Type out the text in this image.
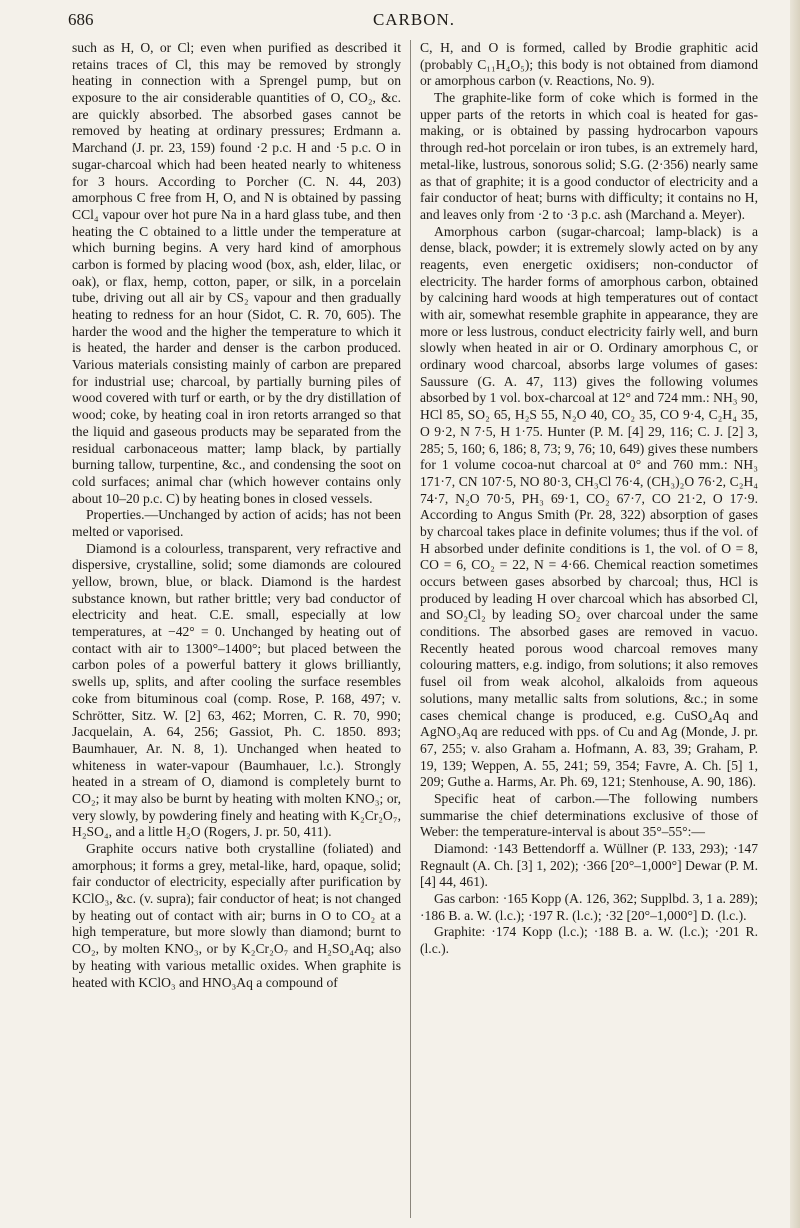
686	CARBON.

such as H, O, or Cl; even when purified as described it retains traces of Cl, this may be removed by strongly heating in connection with a Sprengel pump, but on exposure to the air considerable quantities of O, CO₂, &c. are quickly absorbed. The absorbed gases cannot be removed by heating at ordinary pressures; Erdmann a. Marchand (J. pr. 23, 159) found ·2 p.c. H and ·5 p.c. O in sugar-charcoal which had been heated nearly to whiteness for 3 hours. According to Porcher (C. N. 44, 203) amorphous C free from H, O, and N is obtained by passing CCl₄ vapour over hot pure Na in a hard glass tube, and then heating the C obtained to a little under the temperature at which burning begins. A very hard kind of amorphous carbon is formed by placing wood (box, ash, elder, lilac, or oak), or flax, hemp, cotton, paper, or silk, in a porcelain tube, driving out all air by CS₂ vapour and then gradually heating to redness for an hour (Sidot, C. R. 70, 605). The harder the wood and the higher the temperature to which it is heated, the harder and denser is the carbon produced. Various materials consisting mainly of carbon are prepared for industrial use; charcoal, by partially burning piles of wood covered with turf or earth, or by the dry distillation of wood; coke, by heating coal in iron retorts arranged so that the liquid and gaseous products may be separated from the residual carbonaceous matter; lamp black, by partially burning tallow, turpentine, &c., and condensing the soot on cold surfaces; animal char (which however contains only about 10–20 p.c. C) by heating bones in closed vessels.

Properties.—Unchanged by action of acids; has not been melted or vaporised.

Diamond is a colourless, transparent, very refractive and dispersive, crystalline, solid; some diamonds are coloured yellow, brown, blue, or black. Diamond is the hardest substance known, but rather brittle; very bad conductor of electricity and heat. C.E. small, especially at low temperatures, at −42° = 0. Unchanged by heating out of contact with air to 1300°–1400°; but placed between the carbon poles of a powerful battery it glows brilliantly, swells up, splits, and after cooling the surface resembles coke from bituminous coal (comp. Rose, P. 168, 497; v. Schrötter, Sitz. W. [2] 63, 462; Morren, C. R. 70, 990; Jacquelain, A. 64, 256; Gassiot, Ph. C. 1850. 893; Baumhauer, Ar. N. 8, 1). Unchanged when heated to whiteness in water-vapour (Baumhauer, l.c.). Strongly heated in a stream of O, diamond is completely burnt to CO₂; it may also be burnt by heating with molten KNO₃; or, very slowly, by powdering finely and heating with K₂Cr₂O₇, H₂SO₄, and a little H₂O (Rogers, J. pr. 50, 411).

Graphite occurs native both crystalline (foliated) and amorphous; it forms a grey, metal-like, hard, opaque, solid; fair conductor of electricity, especially after purification by KClO₃, &c. (v. supra); fair conductor of heat; is not changed by heating out of contact with air; burns in O to CO₂ at a high temperature, but more slowly than diamond; burnt to CO₂, by molten KNO₃, or by K₂Cr₂O₇ and H₂SO₄Aq; also by heating with various metallic oxides. When graphite is heated with KClO₃ and HNO₃Aq a compound of

C, H, and O is formed, called by Brodie graphitic acid (probably C₁₁H₄O₅); this body is not obtained from diamond or amorphous carbon (v. Reactions, No. 9).

The graphite-like form of coke which is formed in the upper parts of the retorts in which coal is heated for gas-making, or is obtained by passing hydrocarbon vapours through red-hot porcelain or iron tubes, is an extremely hard, metal-like, lustrous, sonorous solid; S.G. (2·356) nearly same as that of graphite; it is a good conductor of electricity and a fair conductor of heat; burns with difficulty; it contains no H, and leaves only from ·2 to ·3 p.c. ash (Marchand a. Meyer).

Amorphous carbon (sugar-charcoal; lamp-black) is a dense, black, powder; it is extremely slowly acted on by any reagents, even energetic oxidisers; non-conductor of electricity. The harder forms of amorphous carbon, obtained by calcining hard woods at high temperatures out of contact with air, somewhat resemble graphite in appearance, they are more or less lustrous, conduct electricity fairly well, and burn slowly when heated in air or O. Ordinary amorphous C, or ordinary wood charcoal, absorbs large volumes of gases: Saussure (G. A. 47, 113) gives the following volumes absorbed by 1 vol. box-charcoal at 12° and 724 mm.: NH₃ 90, HCl 85, SO₂ 65, H₂S 55, N₂O 40, CO₂ 35, CO 9·4, C₂H₄ 35, O 9·2, N 7·5, H 1·75. Hunter (P. M. [4] 29, 116; C. J. [2] 3, 285; 5, 160; 6, 186; 8, 73; 9, 76; 10, 649) gives these numbers for 1 volume cocoa-nut charcoal at 0° and 760 mm.: NH₃ 171·7, CN 107·5, NO 80·3, CH₃Cl 76·4, (CH₃)₂O 76·2, C₂H₄ 74·7, N₂O 70·5, PH₃ 69·1, CO₂ 67·7, CO 21·2, O 17·9. According to Angus Smith (Pr. 28, 322) absorption of gases by charcoal takes place in definite volumes; thus if the vol. of H absorbed under definite conditions is 1, the vol. of O = 8, CO = 6, CO₂ = 22, N = 4·66. Chemical reaction sometimes occurs between gases absorbed by charcoal; thus, HCl is produced by leading H over charcoal which has absorbed Cl, and SO₂Cl₂ by leading SO₂ over charcoal under the same conditions. The absorbed gases are removed in vacuo. Recently heated porous wood charcoal removes many colouring matters, e.g. indigo, from solutions; it also removes fusel oil from weak alcohol, alkaloids from aqueous solutions, many metallic salts from solutions, &c.; in some cases chemical change is produced, e.g. CuSO₄Aq and AgNO₃Aq are reduced with pps. of Cu and Ag (Monde, J. pr. 67, 255; v. also Graham a. Hofmann, A. 83, 39; Graham, P. 19, 139; Weppen, A. 55, 241; 59, 354; Favre, A. Ch. [5] 1, 209; Guthe a. Harms, Ar. Ph. 69, 121; Stenhouse, A. 90, 186).

Specific heat of carbon.—The following numbers summarise the chief determinations exclusive of those of Weber: the temperature-interval is about 35°–55°:—

Diamond: ·143 Bettendorff a. Wüllner (P. 133, 293); ·147 Regnault (A. Ch. [3] 1, 202); ·366 [20°–1,000°] Dewar (P. M. [4] 44, 461).

Gas carbon: ·165 Kopp (A. 126, 362; Supplbd. 3, 1 a. 289); ·186 B. a. W. (l.c.); ·197 R. (l.c.); ·32 [20°–1,000°] D. (l.c.).

Graphite: ·174 Kopp (l.c.); ·188 B. a. W. (l.c.); ·201 R. (l.c.).
